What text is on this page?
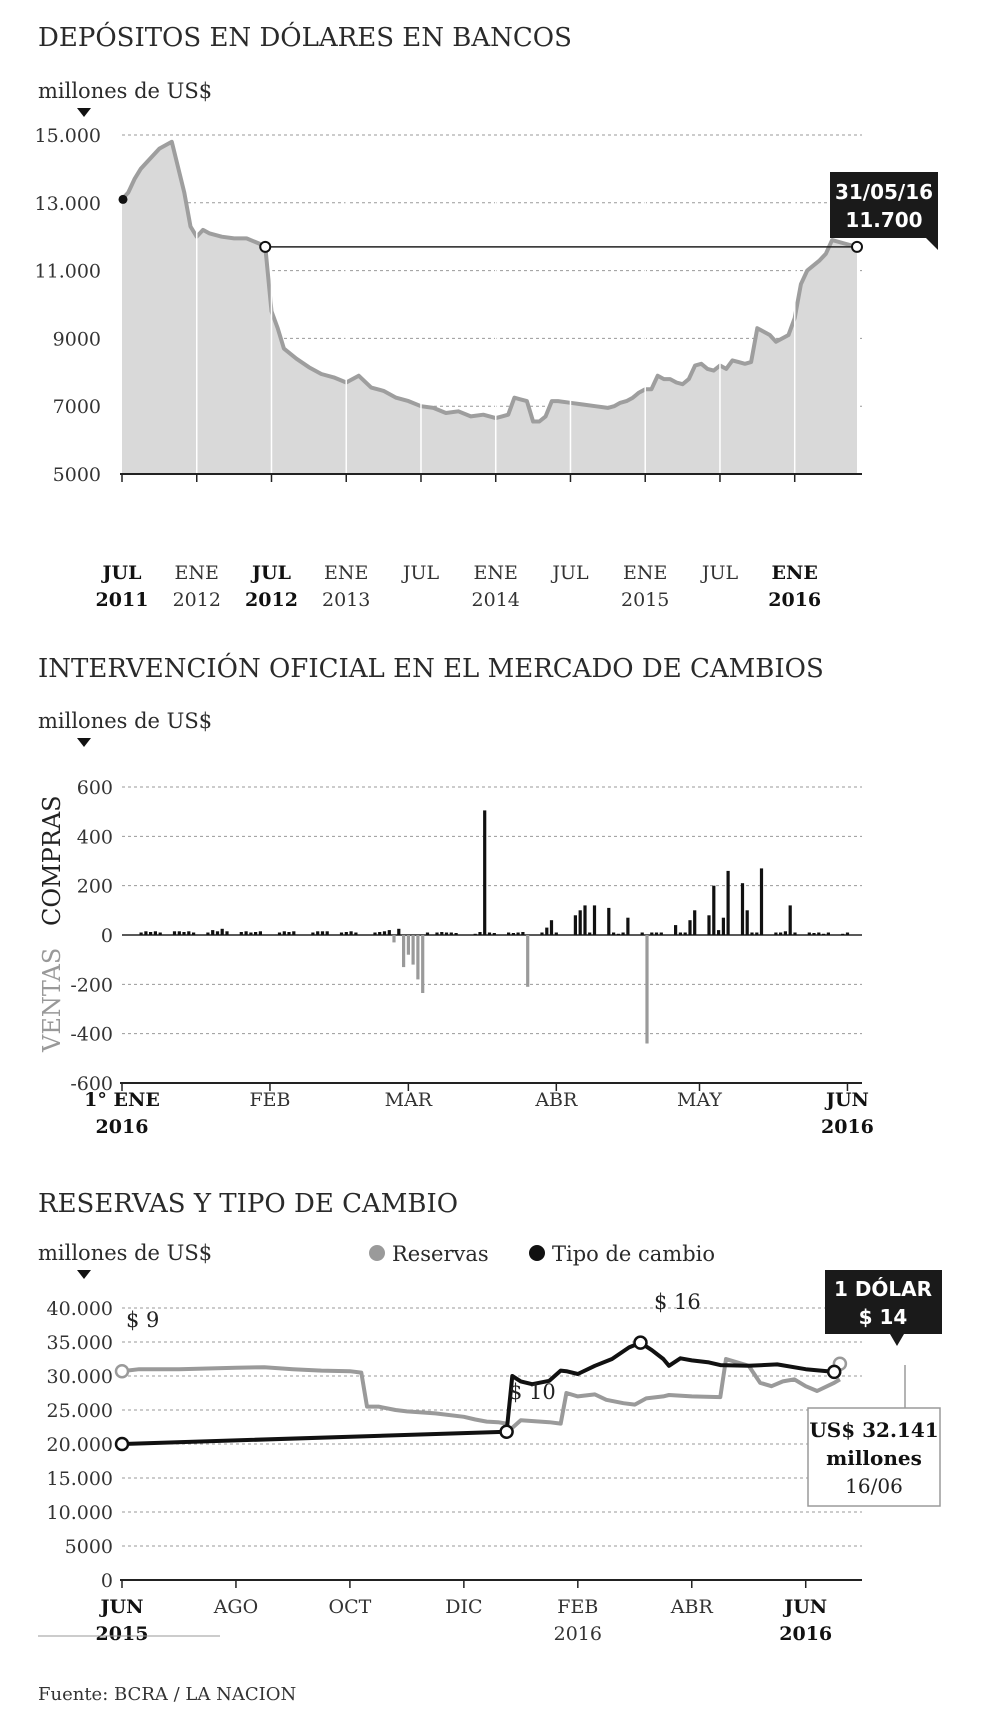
DEPÓSITOS EN DÓLARES EN BANCOS
millones de US$
15.000
13.000
11.000
9000
7000
5000
JUL
2011
ENE
2012
JUL
2012
ENE
2013
JUL ENE
2014
JUL ENE
2015
JUL ENE
2016
31/05/16
11.700
INTERVENCIÓN OFICIAL EN EL MERCADO DE CAMBIOS
millones de US$
COMPRAS
VENTAS
600
400
200
0
-200
-400
-600
1° ENE
2016
FEB	MAR	ABR	MAY	JUN
2016
RESERVAS Y TIPO DE CAMBIO
millones de US$	Reservas	Tipo de cambio
40.000
35.000
30.000
25.000
20.000
15.000
10.000
5000
0
JUN
2015
AGO	OCT	DIC	FEB
2016
ABR	JUN
2016
$ 9
$ 10
$ 16
1 DÓLAR
$ 14
US$ 32.141
millones
16/06
Fuente: BCRA / LA NACION
